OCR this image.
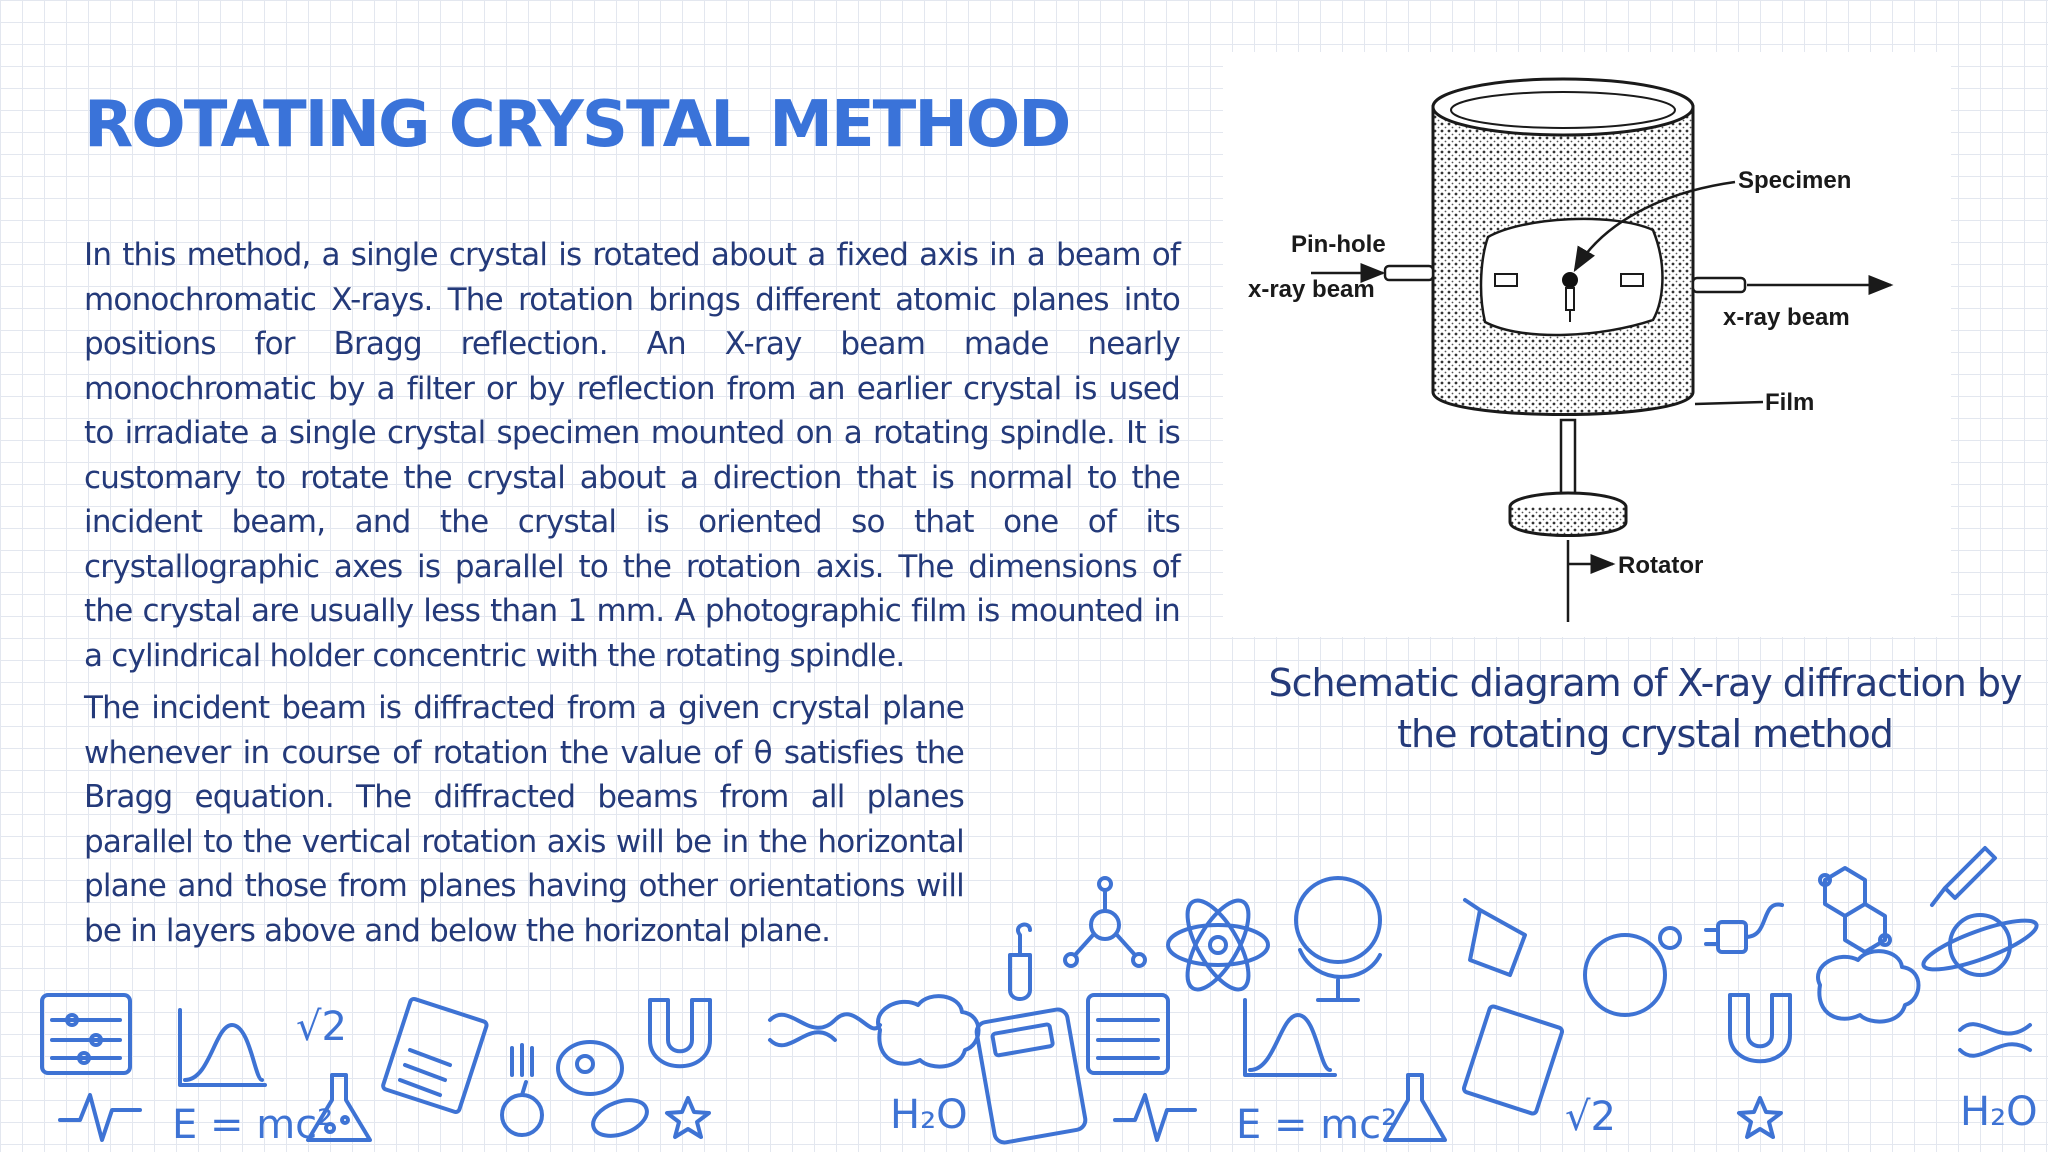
ROTATING CRYSTAL METHOD

In this method, a single crystal is rotated about a fixed axis in a beam of monochromatic X-rays. The rotation brings different atomic planes into positions for Bragg reflection. An X-ray beam made nearly monochromatic by a filter or by reflection from an earlier crystal is used to irradiate a single crystal specimen mounted on a rotating spindle. It is customary to rotate the crystal about a direction that is normal to the incident beam, and the crystal is oriented so that one of its crystallographic axes is parallel to the rotation axis. The dimensions of the crystal are usually less than 1 mm. A photographic film is mounted in a cylindrical holder concentric with the rotating spindle.

The incident beam is diffracted from a given crystal plane whenever in course of rotation the value of θ satisfies the Bragg equation. The diffracted beams from all planes parallel to the vertical rotation axis will be in the horizontal plane and those from planes having other orientations will be in layers above and below the horizontal plane.

Specimen
Pin-hole
x-ray beam
x-ray beam
Film
Rotator

Schematic diagram of X-ray diffraction by the rotating crystal method

E = mc²
√2
H₂O	E = mc²	√2	H₂O
